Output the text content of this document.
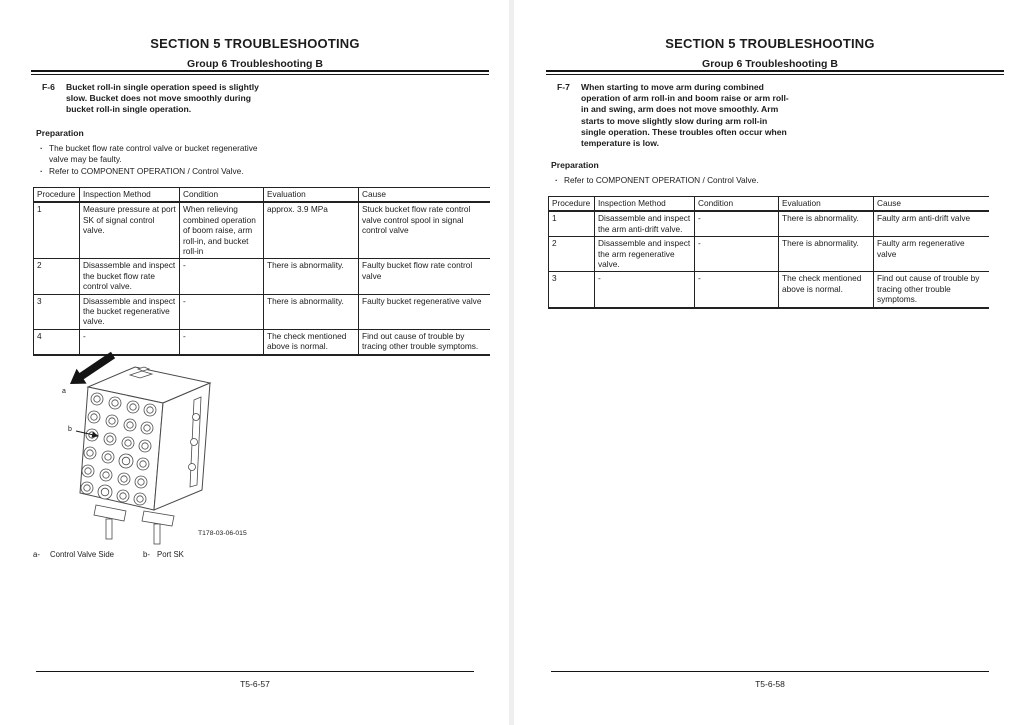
SECTION 5 TROUBLESHOOTING
Group 6 Troubleshooting B
F-6	Bucket roll-in single operation speed is slightly slow. Bucket does not move smoothly during bucket roll-in single operation.
Preparation
· The bucket flow rate control valve or bucket regenerative valve may be faulty.
· Refer to COMPONENT OPERATION / Control Valve.
Procedure	Inspection Method	Condition	Evaluation	Cause
1	Measure pressure at port SK of signal control valve.	When relieving combined operation of boom raise, arm roll-in, and bucket roll-in	approx. 3.9 MPa	Stuck bucket flow rate control valve control spool in signal control valve
2	Disassemble and inspect the bucket flow rate control valve.	-	There is abnormality.	Faulty bucket flow rate control valve
3	Disassemble and inspect the bucket regenerative valve.	-	There is abnormality.	Faulty bucket regenerative valve
4	-	-	The check mentioned above is normal.	Find out cause of trouble by tracing other trouble symptoms.
a
b
T178-03-06-015
a- Control Valve Side	b- Port SK
T5-6-57
SECTION 5 TROUBLESHOOTING
Group 6 Troubleshooting B
F-7	When starting to move arm during combined operation of arm roll-in and boom raise or arm roll-in and swing, arm does not move smoothly. Arm starts to move slightly slow during arm roll-in single operation. These troubles often occur when temperature is low.
Preparation
· Refer to COMPONENT OPERATION / Control Valve.
Procedure	Inspection Method	Condition	Evaluation	Cause
1	Disassemble and inspect the arm anti-drift valve.	-	There is abnormality.	Faulty arm anti-drift valve
2	Disassemble and inspect the arm regenerative valve.	-	There is abnormality.	Faulty arm regenerative valve
3	-	-	The check mentioned above is normal.	Find out cause of trouble by tracing other trouble symptoms.
T5-6-58
